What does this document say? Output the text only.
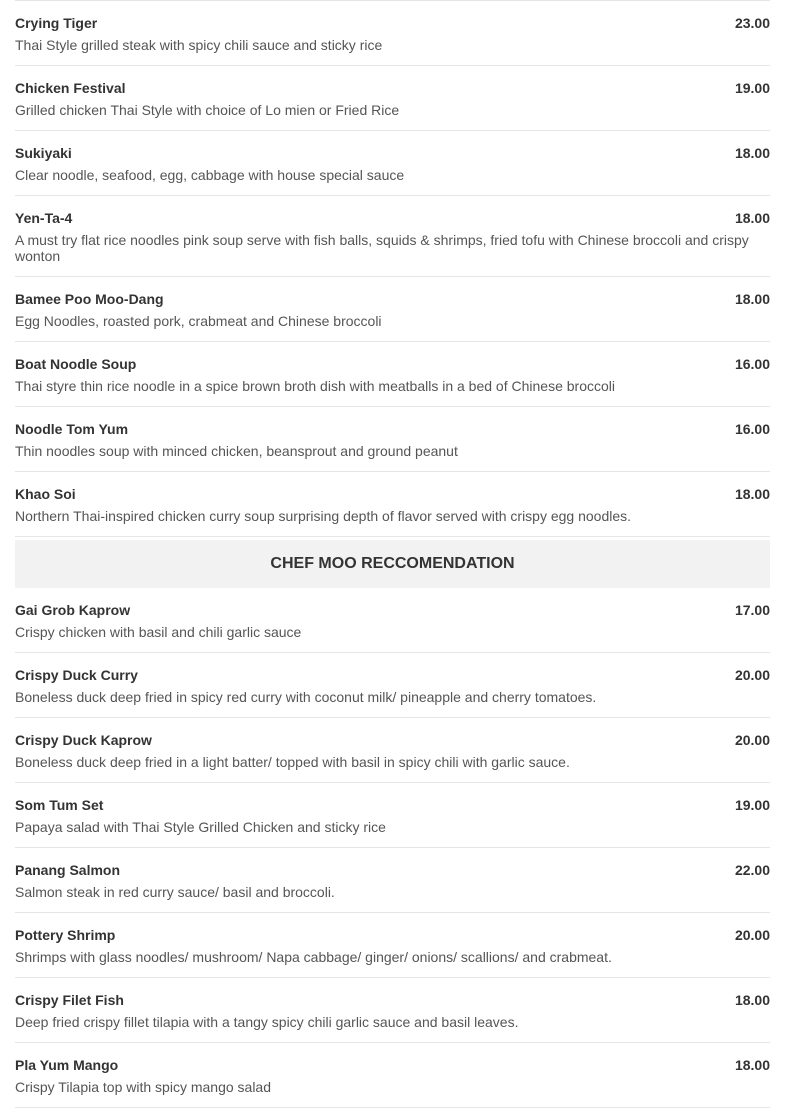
Crying Tiger	23.00
Thai Style grilled steak with spicy chili sauce and sticky rice
Chicken Festival	19.00
Grilled chicken Thai Style with choice of Lo mien or Fried Rice
Sukiyaki	18.00
Clear noodle, seafood, egg, cabbage with house special sauce
Yen-Ta-4	18.00
A must try flat rice noodles pink soup serve with fish balls, squids & shrimps, fried tofu with Chinese broccoli and crispy wonton
Bamee Poo Moo-Dang	18.00
Egg Noodles, roasted pork, crabmeat and Chinese broccoli
Boat Noodle Soup	16.00
Thai styre thin rice noodle in a spice brown broth dish with meatballs in a bed of Chinese broccoli
Noodle Tom Yum	16.00
Thin noodles soup with minced chicken, beansprout and ground peanut
Khao Soi	18.00
Northern Thai-inspired chicken curry soup surprising depth of flavor served with crispy egg noodles.
CHEF MOO RECCOMENDATION
Gai Grob Kaprow	17.00
Crispy chicken with basil and chili garlic sauce
Crispy Duck Curry	20.00
Boneless duck deep fried in spicy red curry with coconut milk/ pineapple and cherry tomatoes.
Crispy Duck Kaprow	20.00
Boneless duck deep fried in a light batter/ topped with basil in spicy chili with garlic sauce.
Som Tum Set	19.00
Papaya salad with Thai Style Grilled Chicken and sticky rice
Panang Salmon	22.00
Salmon steak in red curry sauce/ basil and broccoli.
Pottery Shrimp	20.00
Shrimps with glass noodles/ mushroom/ Napa cabbage/ ginger/ onions/ scallions/ and crabmeat.
Crispy Filet Fish	18.00
Deep fried crispy fillet tilapia with a tangy spicy chili garlic sauce and basil leaves.
Pla Yum Mango	18.00
Crispy Tilapia top with spicy mango salad
